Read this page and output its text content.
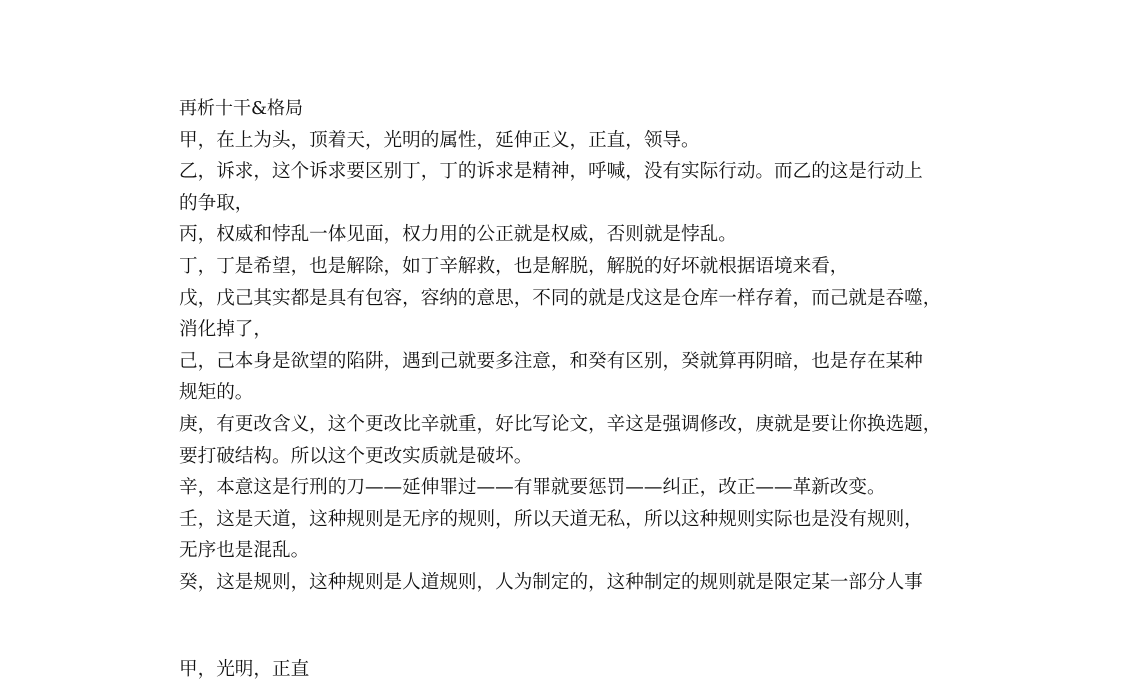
再析十干&格局
甲，在上为头，顶着天，光明的属性，延伸正义，正直，领导。
乙，诉求，这个诉求要区别丁，丁的诉求是精神，呼喊，没有实际行动。而乙的这是行动上
的争取，
丙，权威和悖乱一体见面，权力用的公正就是权威，否则就是悖乱。
丁，丁是希望，也是解除，如丁辛解救，也是解脱，解脱的好坏就根据语境来看，
戊，戊己其实都是具有包容，容纳的意思，不同的就是戊这是仓库一样存着，而己就是吞噬，
消化掉了，
己，己本身是欲望的陷阱，遇到己就要多注意，和癸有区别，癸就算再阴暗，也是存在某种
规矩的。
庚，有更改含义，这个更改比辛就重，好比写论文，辛这是强调修改，庚就是要让你换选题，
要打破结构。所以这个更改实质就是破坏。
辛，本意这是行刑的刀——延伸罪过——有罪就要惩罚——纠正，改正——革新改变。
壬，这是天道，这种规则是无序的规则，所以天道无私，所以这种规则实际也是没有规则，
无序也是混乱。
癸，这是规则，这种规则是人道规则，人为制定的，这种制定的规则就是限定某一部分人事
甲，光明，正直
